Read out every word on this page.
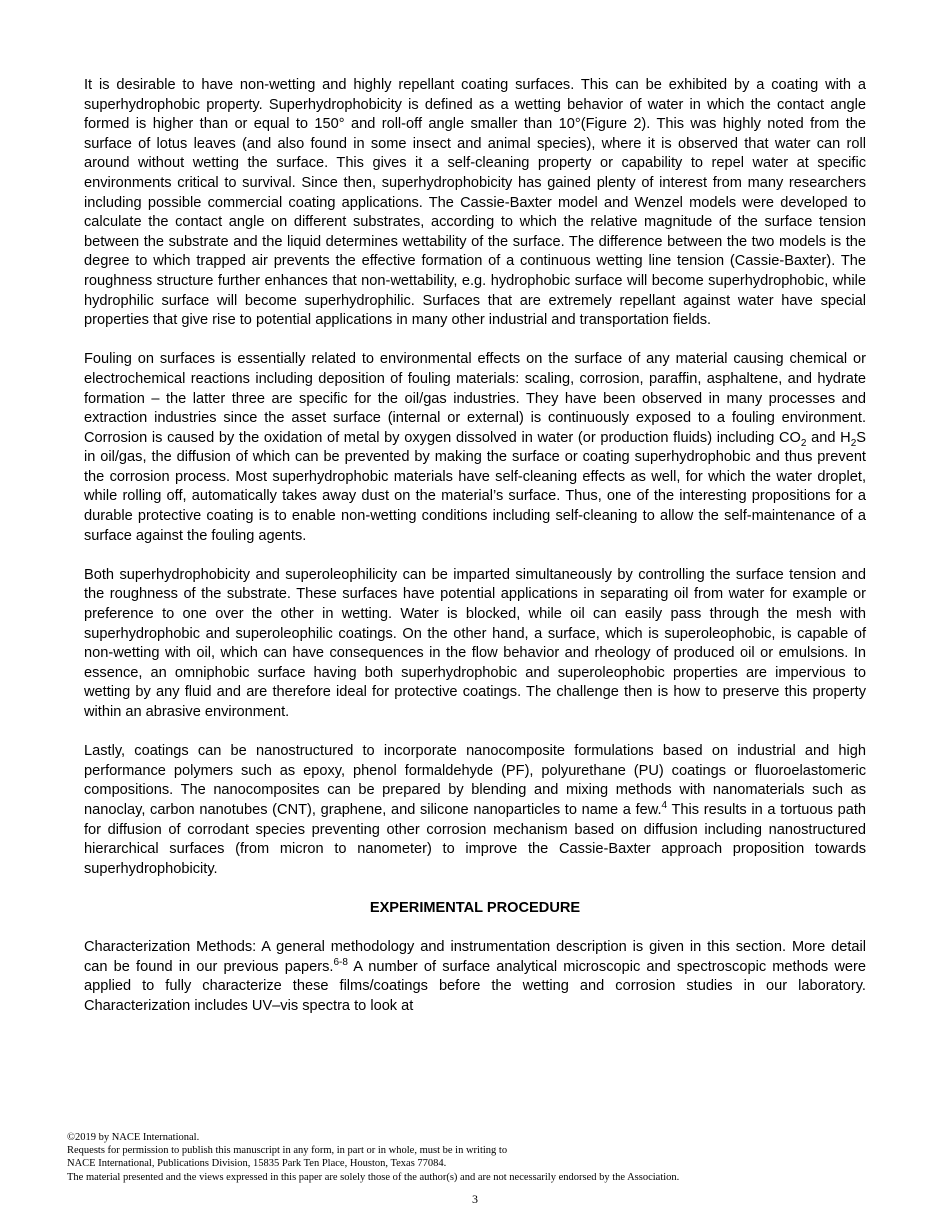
It is desirable to have non-wetting and highly repellant coating surfaces. This can be exhibited by a coating with a superhydrophobic property. Superhydrophobicity is defined as a wetting behavior of water in which the contact angle formed is higher than or equal to 150° and roll-off angle smaller than 10°(Figure 2). This was highly noted from the surface of lotus leaves (and also found in some insect and animal species), where it is observed that water can roll around without wetting the surface. This gives it a self-cleaning property or capability to repel water at specific environments critical to survival. Since then, superhydrophobicity has gained plenty of interest from many researchers including possible commercial coating applications. The Cassie-Baxter model and Wenzel models were developed to calculate the contact angle on different substrates, according to which the relative magnitude of the surface tension between the substrate and the liquid determines wettability of the surface. The difference between the two models is the degree to which trapped air prevents the effective formation of a continuous wetting line tension (Cassie-Baxter). The roughness structure further enhances that non-wettability, e.g. hydrophobic surface will become superhydrophobic, while hydrophilic surface will become superhydrophilic. Surfaces that are extremely repellant against water have special properties that give rise to potential applications in many other industrial and transportation fields.

Fouling on surfaces is essentially related to environmental effects on the surface of any material causing chemical or electrochemical reactions including deposition of fouling materials: scaling, corrosion, paraffin, asphaltene, and hydrate formation – the latter three are specific for the oil/gas industries. They have been observed in many processes and extraction industries since the asset surface (internal or external) is continuously exposed to a fouling environment. Corrosion is caused by the oxidation of metal by oxygen dissolved in water (or production fluids) including $CO_2$ and $H_2S$ in oil/gas, the diffusion of which can be prevented by making the surface or coating superhydrophobic and thus prevent the corrosion process. Most superhydrophobic materials have self-cleaning effects as well, for which the water droplet, while rolling off, automatically takes away dust on the material’s surface. Thus, one of the interesting propositions for a durable protective coating is to enable non-wetting conditions including self-cleaning to allow the self-maintenance of a surface against the fouling agents.

Both superhydrophobicity and superoleophilicity can be imparted simultaneously by controlling the surface tension and the roughness of the substrate. These surfaces have potential applications in separating oil from water for example or preference to one over the other in wetting. Water is blocked, while oil can easily pass through the mesh with superhydrophobic and superoleophilic coatings. On the other hand, a surface, which is superoleophobic, is capable of non-wetting with oil, which can have consequences in the flow behavior and rheology of produced oil or emulsions. In essence, an omniphobic surface having both superhydrophobic and superoleophobic properties are impervious to wetting by any fluid and are therefore ideal for protective coatings. The challenge then is how to preserve this property within an abrasive environment.

Lastly, coatings can be nanostructured to incorporate nanocomposite formulations based on industrial and high performance polymers such as epoxy, phenol formaldehyde (PF), polyurethane (PU) coatings or fluoroelastomeric compositions. The nanocomposites can be prepared by blending and mixing methods with nanomaterials such as nanoclay, carbon nanotubes (CNT), graphene, and silicone nanoparticles to name a few.$^4$ This results in a tortuous path for diffusion of corrodant species preventing other corrosion mechanism based on diffusion including nanostructured hierarchical surfaces (from micron to nanometer) to improve the Cassie-Baxter approach proposition towards superhydrophobicity.

EXPERIMENTAL PROCEDURE

Characterization Methods: A general methodology and instrumentation description is given in this section. More detail can be found in our previous papers.$^{6-8}$ A number of surface analytical microscopic and spectroscopic methods were applied to fully characterize these films/coatings before the wetting and corrosion studies in our laboratory. Characterization includes UV–vis spectra to look at

©2019 by NACE International.
Requests for permission to publish this manuscript in any form, in part or in whole, must be in writing to
NACE International, Publications Division, 15835 Park Ten Place, Houston, Texas 77084.
The material presented and the views expressed in this paper are solely those of the author(s) and are not necessarily endorsed by the Association.
3
